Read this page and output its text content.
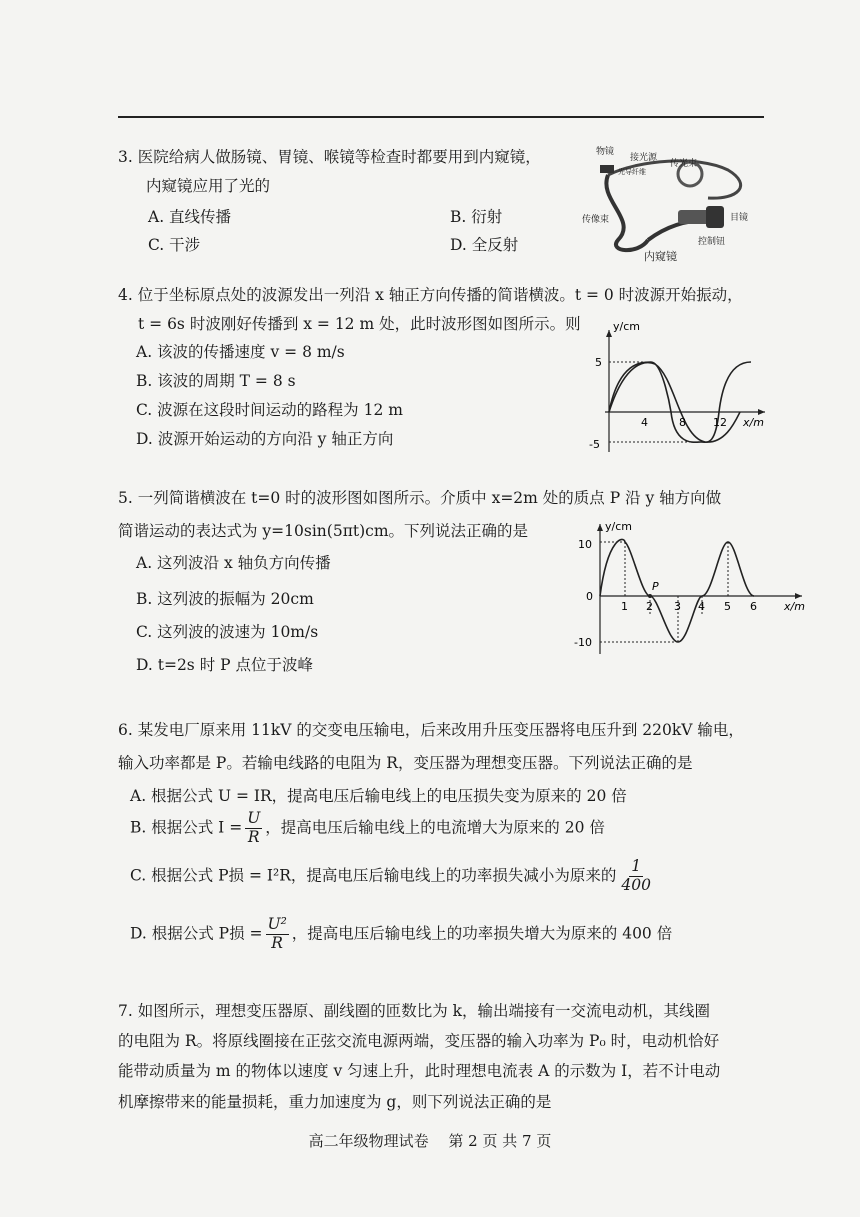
3. 医院给病人做肠镜、胃镜、喉镜等检查时都要用到内窥镜，

内窥镜应用了光的

A. 直线传播	B. 衍射
C. 干涉	D. 全反射
物镜
接光源
传光束
光导纤维
传像束	目镜
控制钮
内窥镜

4. 位于坐标原点处的波源发出一列沿 x 轴正方向传播的简谐横波。t = 0 时波源开始振动，

t = 6s 时波刚好传播到 x = 12 m 处，此时波形图如图所示。则

A. 该波的传播速度 v = 8 m/s
B. 该波的周期 T = 8 s
C. 波源在这段时间运动的路程为 12 m
D. 波源开始运动的方向沿 y 轴正方向
y/cm
x/m
5
-5
4	8 12

5. 一列简谐横波在 t=0 时的波形图如图所示。介质中 x=2m 处的质点 P 沿 y 轴方向做

简谐运动的表达式为 y=10sin(5πt)cm。下列说法正确的是

A. 这列波沿 x 轴负方向传播
B. 这列波的振幅为 20cm
C. 这列波的波速为 10m/s
D. t=2s 时 P 点位于波峰
y/cm
x/m
10
0
-10
1 2 3 4 5 6
P

6. 某发电厂原来用 11kV 的交变电压输电，后来改用升压变压器将电压升到 220kV 输电，

输入功率都是 P。若输电线路的电阻为 R，变压器为理想变压器。下列说法正确的是

A. 根据公式 U = IR，提高电压后输电线上的电压损失变为原来的 20 倍
B. 根据公式 $I = \frac{U}{R}$ ，提高电压后输电线上的电流增大为原来的 20 倍
C. 根据公式 P损 = I²R，提高电压后输电线上的功率损失减小为原来的 $\frac{1}{400}$
D. 根据公式 P损 = $\frac{\text{U²}}{R}$ ，提高电压后输电线上的功率损失增大为原来的 400 倍

7. 如图所示，理想变压器原、副线圈的匝数比为 k，输出端接有一交流电动机，其线圈

的电阻为 R。将原线圈接在正弦交流电源两端，变压器的输入功率为 P₀ 时，电动机恰好

能带动质量为 m 的物体以速度 v 匀速上升，此时理想电流表 A 的示数为 I，若不计电动

机摩擦带来的能量损耗，重力加速度为 g，则下列说法正确的是

高二年级物理试卷　 第 2 页 共 7 页
